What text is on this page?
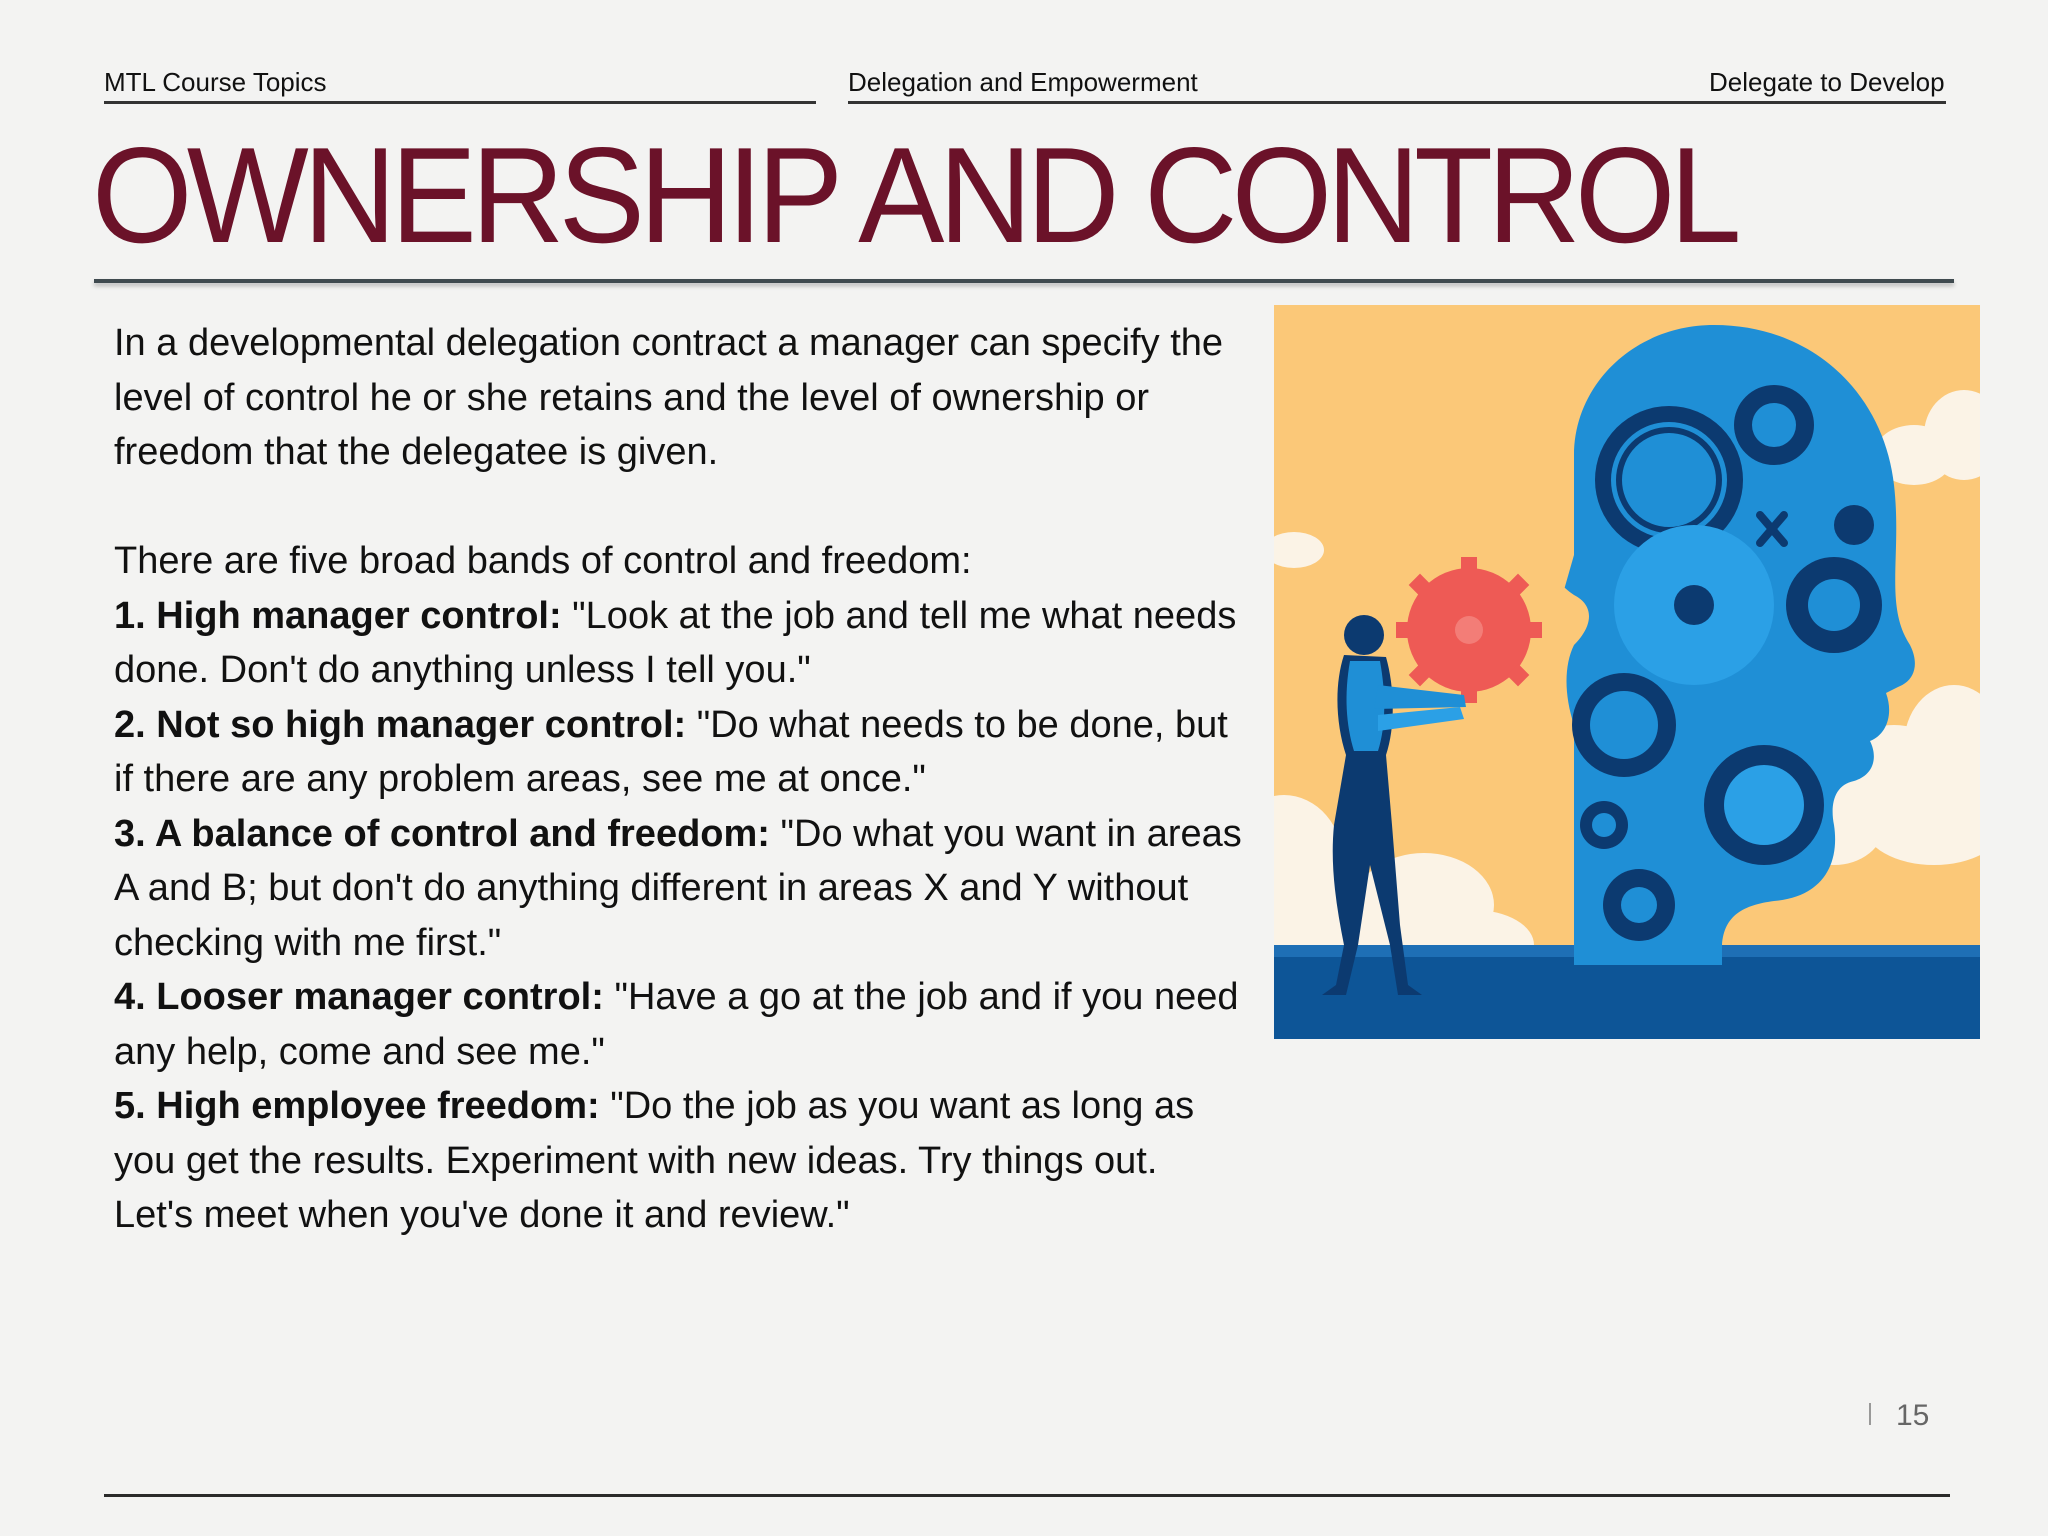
MTL Course Topics	Delegation and Empowerment	Delegate to Develop
OWNERSHIP AND CONTROL

In a developmental delegation contract a manager can specify the level of control he or she retains and the level of ownership or freedom that the delegatee is given.

There are five broad bands of control and freedom:

1. High manager control: "Look at the job and tell me what needs done. Don't do anything unless I tell you."

2. Not so high manager control: "Do what needs to be done, but if there are any problem areas, see me at once."

3. A balance of control and freedom: "Do what you want in areas A and B; but don't do anything different in areas X and Y without checking with me first."

4. Looser manager control: "Have a go at the job and if you need any help, come and see me."

5. High employee freedom: "Do the job as you want as long as you get the results. Experiment with new ideas. Try things out. Let's meet when you've done it and review."

15
